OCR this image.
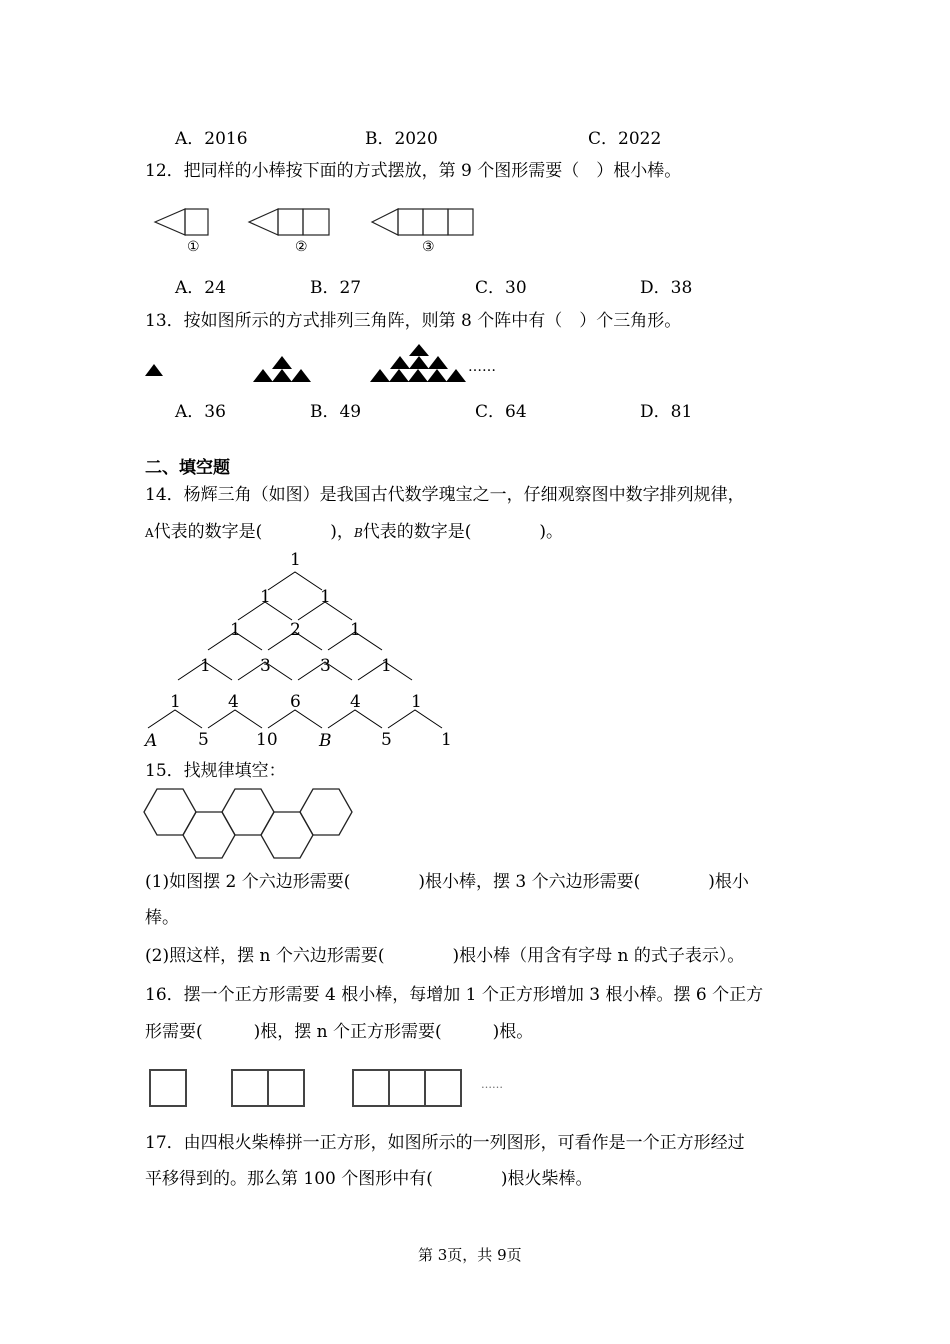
A．2016	B．2020	C．2022
12．把同样的小棒按下面的方式摆放，第 9 个图形需要（　）根小棒。
①	②	③
A．24	B．27	C．30	D．38
13．按如图所示的方式排列三角阵，则第 8 个阵中有（　）个三角形。
……
A．36	B．49	C．64	D．81
二、填空题
14．杨辉三角（如图）是我国古代数学瑰宝之一，仔细观察图中数字排列规律，
A代表的数字是(　　　　)，B代表的数字是(　　　　)。
1
1	1
1	2	1
1	3	3	1
1	4	6	4	1
A 5	10 B	5	1
15．找规律填空：
(1)如图摆 2 个六边形需要(　　　　)根小棒，摆 3 个六边形需要(　　　　)根小
棒。
(2)照这样，摆 n 个六边形需要(　　　　)根小棒（用含有字母 n 的式子表示）。
16．摆一个正方形需要 4 根小棒，每增加 1 个正方形增加 3 根小棒。摆 6 个正方
形需要(　　　)根，摆 n 个正方形需要(　　　)根。
……
17．由四根火柴棒拼一正方形，如图所示的一列图形，可看作是一个正方形经过
平移得到的。那么第 100 个图形中有(　　　　)根火柴棒。
第 3页，共 9页
